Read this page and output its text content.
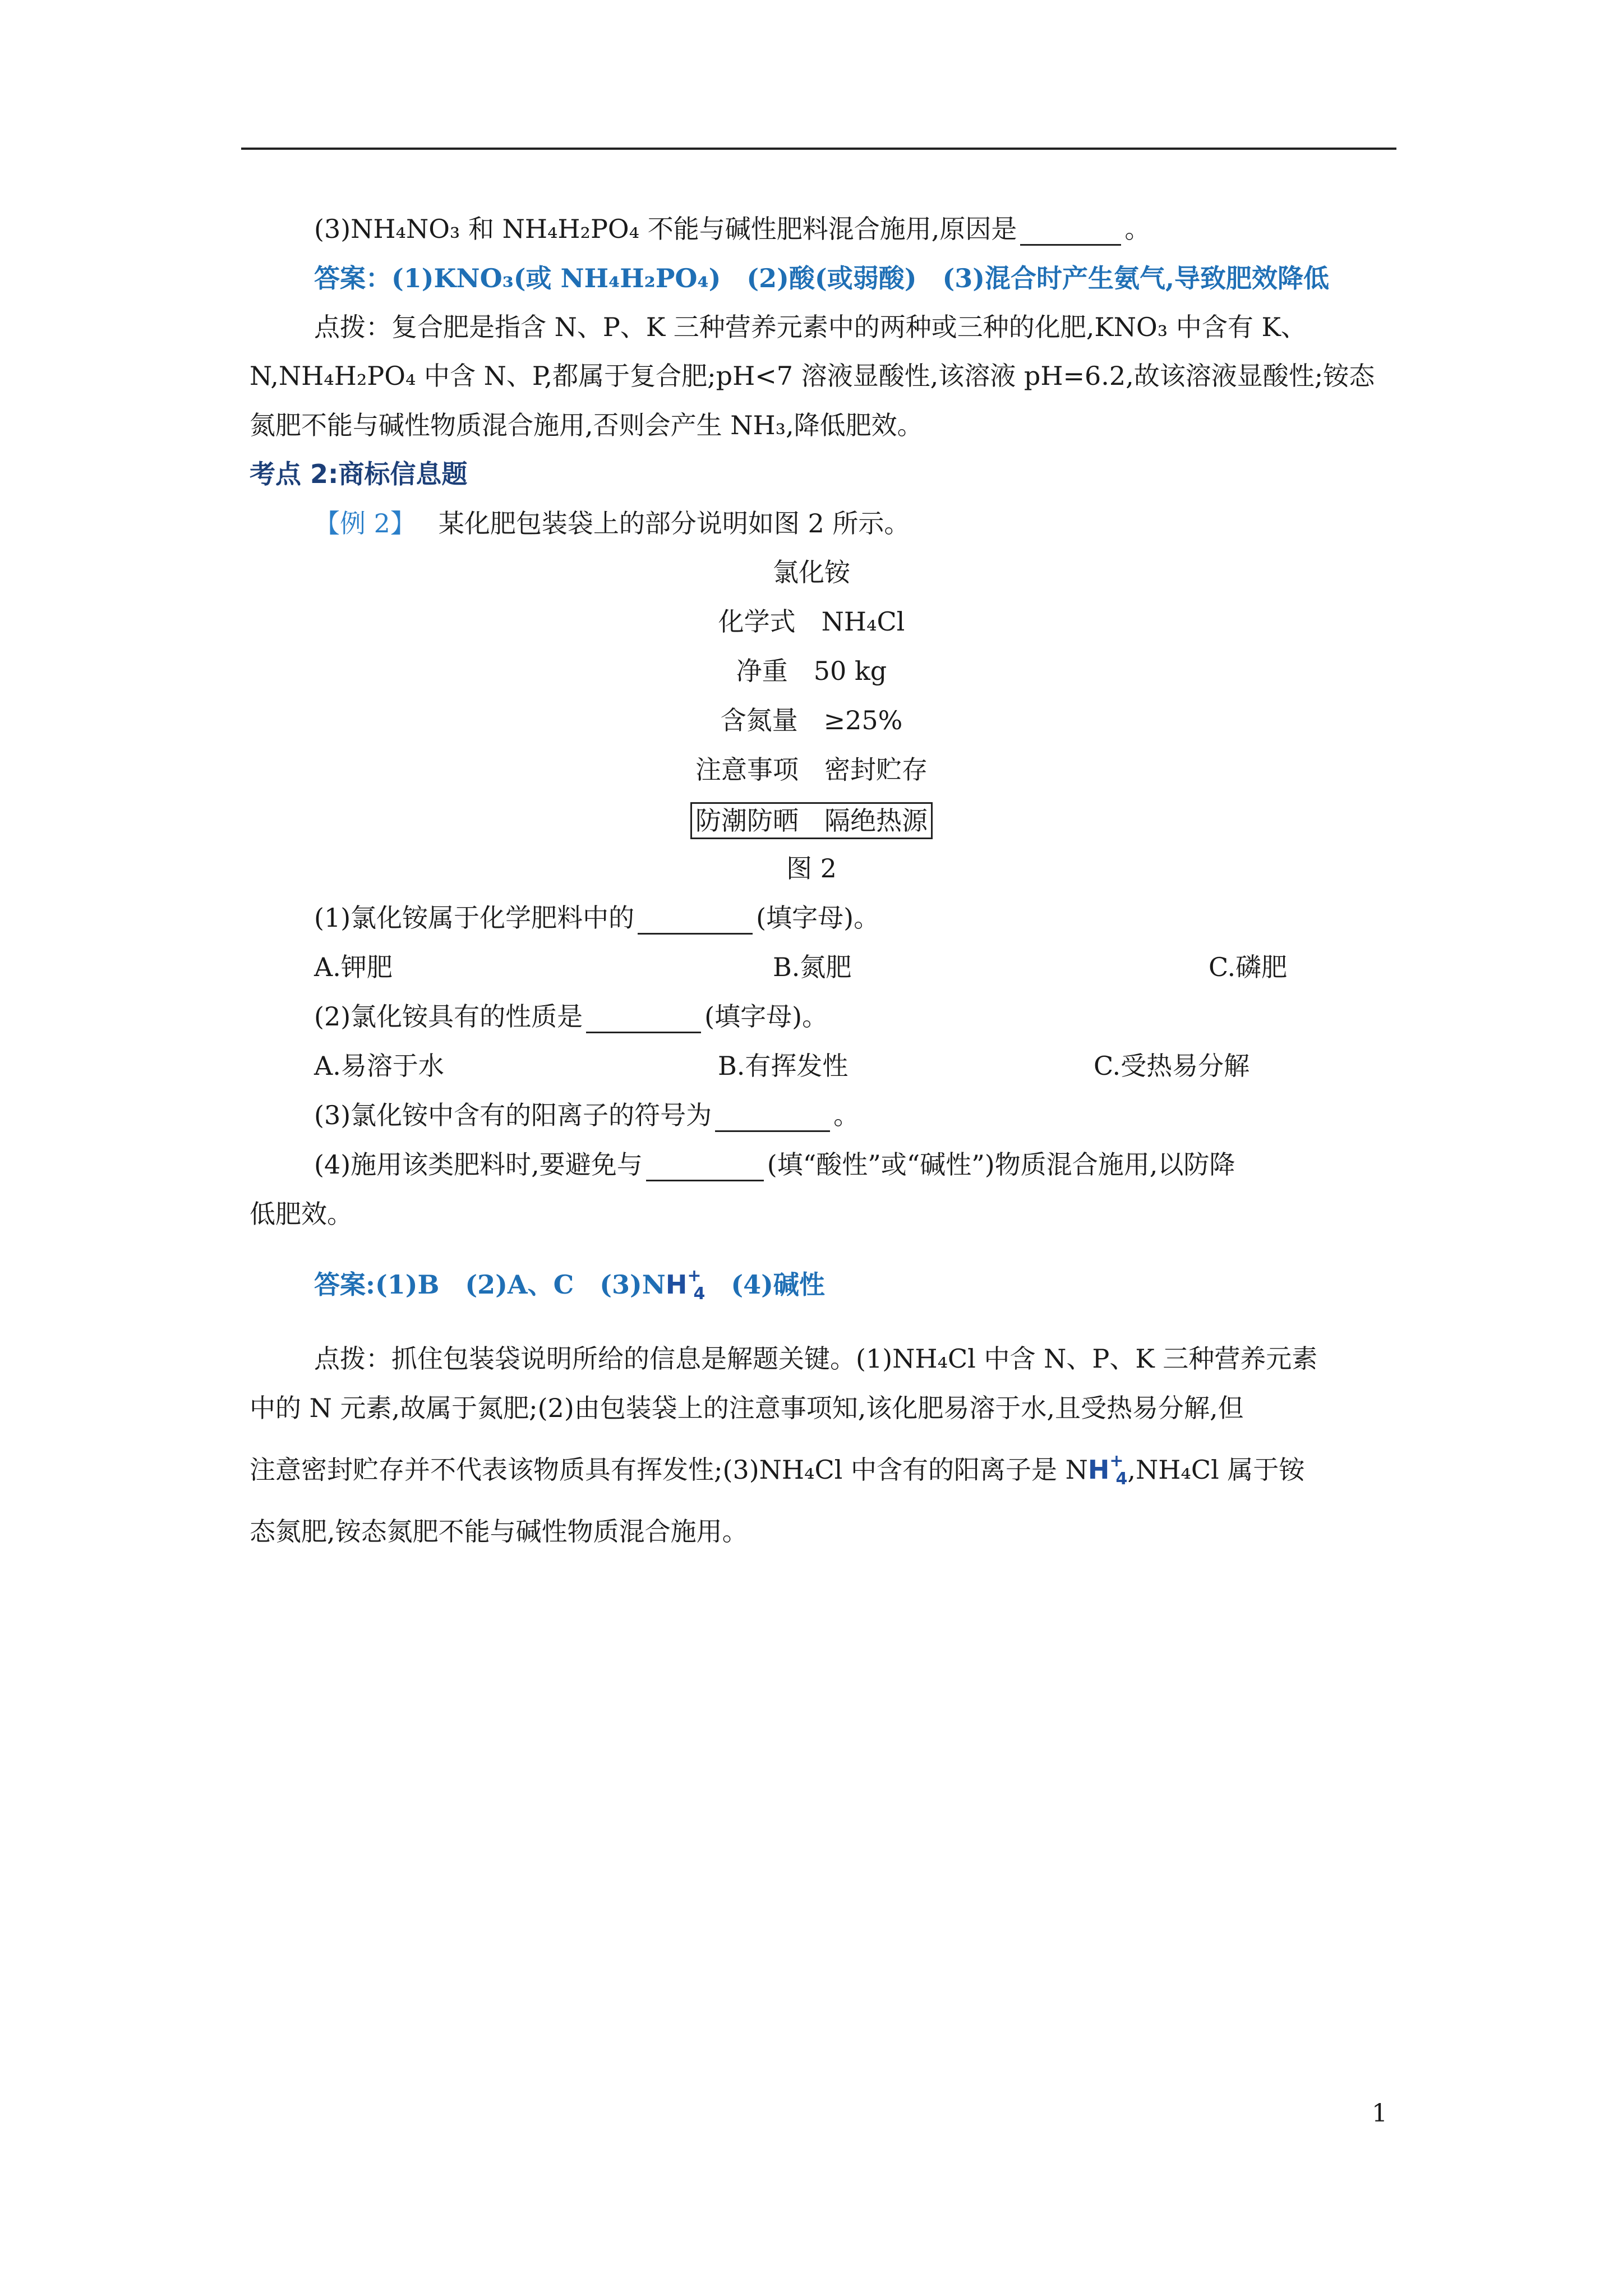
(3)NH₄NO₃ 和 NH₄H₂PO₄ 不能与碱性肥料混合施用,原因是	。
答案：(1)KNO₃(或 NH₄H₂PO₄)　(2)酸(或弱酸)　(3)混合时产生氨气,导致肥效降低
点拨：复合肥是指含 N、P、K 三种营养元素中的两种或三种的化肥,KNO₃ 中含有 K、
N,NH₄H₂PO₄ 中含 N、P,都属于复合肥;pH<7 溶液显酸性,该溶液 pH=6.2,故该溶液显酸性;铵态
氮肥不能与碱性物质混合施用,否则会产生 NH₃,降低肥效。
考点 2:商标信息题
【例 2】 某化肥包装袋上的部分说明如图 2 所示。
氯化铵
化学式　NH₄Cl
净重　50 kg
含氮量　≥25%
注意事项　密封贮存
防潮防晒　隔绝热源
图 2
(1)氯化铵属于化学肥料中的	(填字母)。
A.钾肥	B.氮肥	C.磷肥
(2)氯化铵具有的性质是	(填字母)。
A.易溶于水	B.有挥发性	C.受热易分解
(3)氯化铵中含有的阳离子的符号为	。
(4)施用该类肥料时,要避免与	(填“酸性”或“碱性”)物质混合施用,以防降
低肥效。
答案:(1)B　(2)A、C　$(3)NH^+_4$　(4)碱性
点拨：抓住包装袋说明所给的信息是解题关键。(1)NH₄Cl 中含 N、P、K 三种营养元素
中的 N 元素,故属于氮肥;(2)由包装袋上的注意事项知,该化肥易溶于水,且受热易分解,但
注意密封贮存并不代表该物质具有挥发性;(3)NH₄Cl 中含有的阳离子是 $NH^+_4,NH_4Cl$ 属于铵
态氮肥,铵态氮肥不能与碱性物质混合施用。
1
